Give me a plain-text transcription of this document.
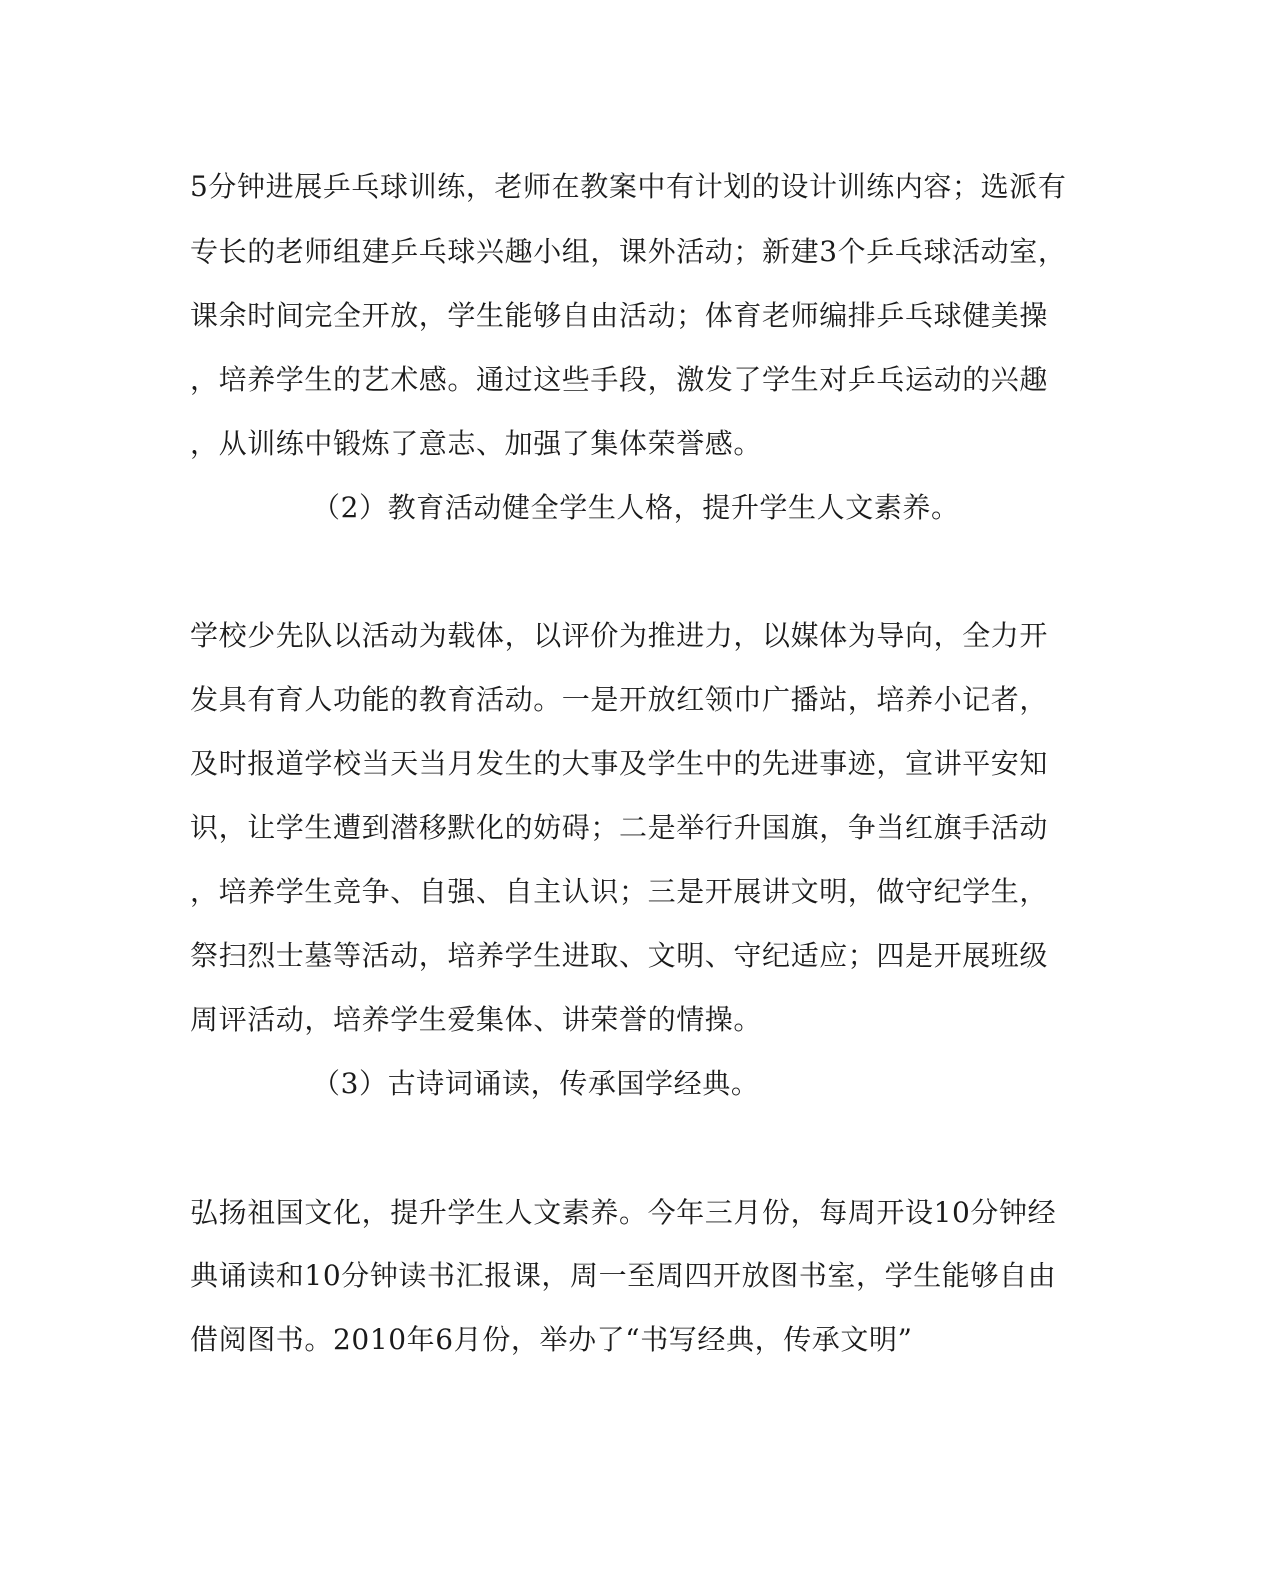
5分钟进展乒乓球训练，老师在教案中有计划的设计训练内容；选派有
专长的老师组建乒乓球兴趣小组，课外活动；新建3个乒乓球活动室，
课余时间完全开放，学生能够自由活动；体育老师编排乒乓球健美操
，培养学生的艺术感。通过这些手段，激发了学生对乒乓运动的兴趣
，从训练中锻炼了意志、加强了集体荣誉感。
（2）教育活动健全学生人格，提升学生人文素养。
学校少先队以活动为载体，以评价为推进力，以媒体为导向，全力开
发具有育人功能的教育活动。一是开放红领巾广播站，培养小记者，
及时报道学校当天当月发生的大事及学生中的先进事迹，宣讲平安知
识，让学生遭到潜移默化的妨碍；二是举行升国旗，争当红旗手活动
，培养学生竞争、自强、自主认识；三是开展讲文明，做守纪学生，
祭扫烈士墓等活动，培养学生进取、文明、守纪适应；四是开展班级
周评活动，培养学生爱集体、讲荣誉的情操。
（3）古诗词诵读，传承国学经典。
弘扬祖国文化，提升学生人文素养。今年三月份，每周开设10分钟经
典诵读和10分钟读书汇报课，周一至周四开放图书室，学生能够自由
借阅图书。2010年6月份，举办了“书写经典，传承文明”
